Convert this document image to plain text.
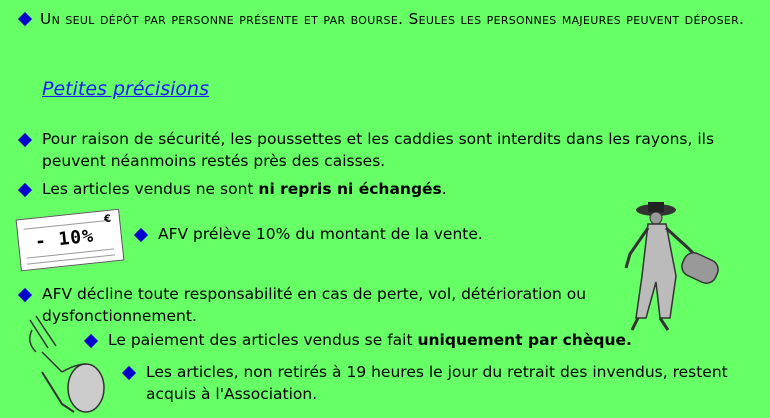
Un seul dépôt par personne présente et par bourse. Seules les personnes majeures peuvent déposer.
Petites précisions
Pour raison de sécurité, les poussettes et les caddies sont interdits dans les rayons, ils peuvent néanmoins restés près des caisses.
Les articles vendus ne sont ni repris ni échangés.
- 10%
€
AFV prélève 10% du montant de la vente.
AFV décline toute responsabilité en cas de perte, vol, détérioration ou dysfonctionnement.
Le paiement des articles vendus se fait uniquement par chèque.
Les articles, non retirés à 19 heures le jour du retrait des invendus, restent acquis à l'Association.
